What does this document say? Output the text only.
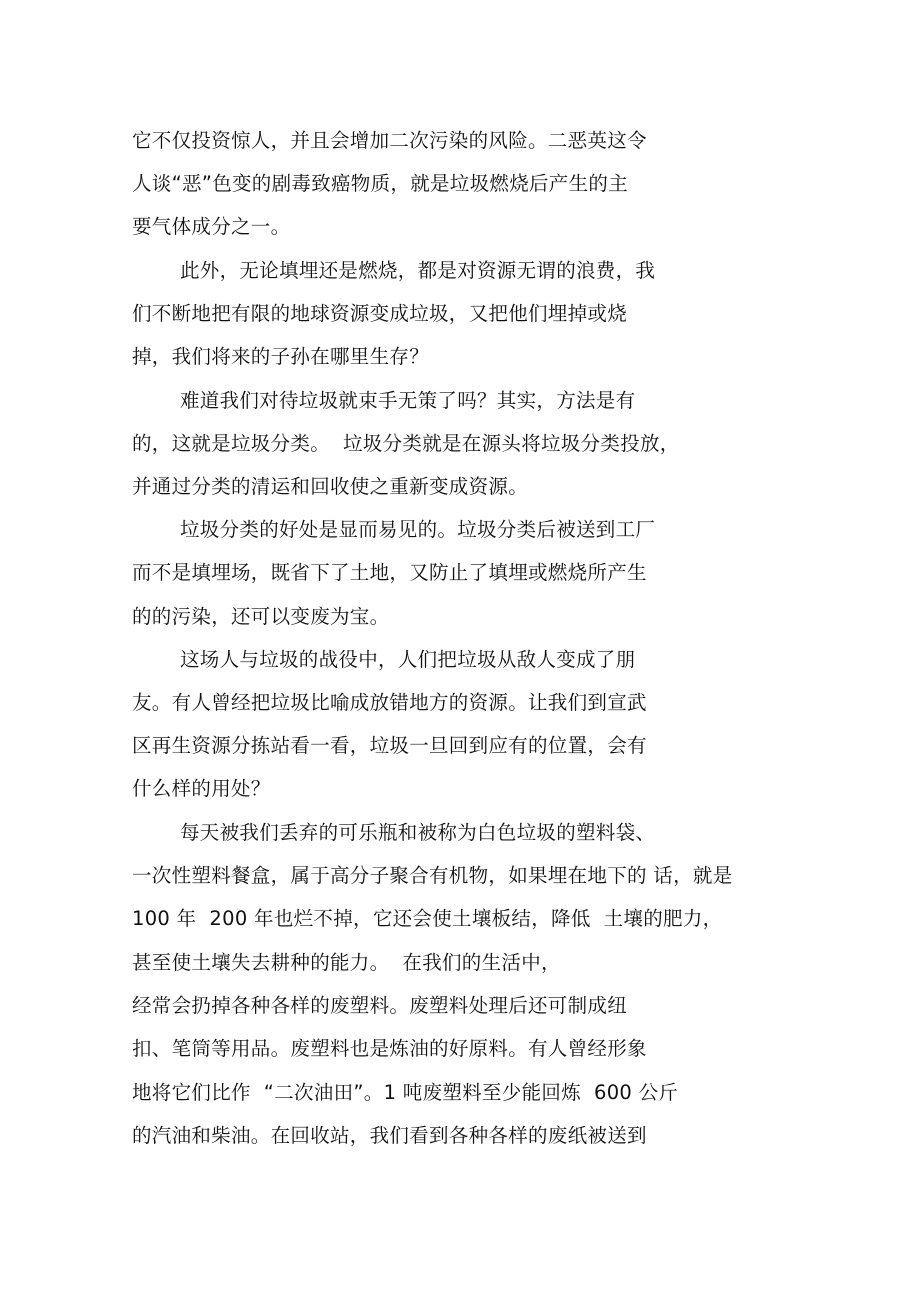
它不仅投资惊人，并且会增加二次污染的风险。二恶英这令
人谈“恶”色变的剧毒致癌物质，就是垃圾燃烧后产生的主
要气体成分之一。
此外，无论填埋还是燃烧，都是对资源无谓的浪费，我
们不断地把有限的地球资源变成垃圾，又把他们埋掉或烧
掉，我们将来的子孙在哪里生存？
难道我们对待垃圾就束手无策了吗？其实，方法是有
的，这就是垃圾分类。  垃圾分类就是在源头将垃圾分类投放，
并通过分类的清运和回收使之重新变成资源。
垃圾分类的好处是显而易见的。垃圾分类后被送到工厂
而不是填埋场，既省下了土地，又防止了填埋或燃烧所产生
的的污染，还可以变废为宝。
这场人与垃圾的战役中，人们把垃圾从敌人变成了朋
友。有人曾经把垃圾比喻成放错地方的资源。让我们到宣武
区再生资源分拣站看一看，垃圾一旦回到应有的位置，会有
什么样的用处？
每天被我们丢弃的可乐瓶和被称为白色垃圾的塑料袋、
一次性塑料餐盒，属于高分子聚合有机物，如果埋在地下的 话，就是
100 年  200 年也烂不掉，它还会使土壤板结，降低  土壤的肥力，
甚至使土壤失去耕种的能力。  在我们的生活中，
经常会扔掉各种各样的废塑料。废塑料处理后还可制成纽
扣、笔筒等用品。废塑料也是炼油的好原料。有人曾经形象
地将它们比作  “二次油田”。1 吨废塑料至少能回炼  600 公斤
的汽油和柴油。在回收站，我们看到各种各样的废纸被送到
